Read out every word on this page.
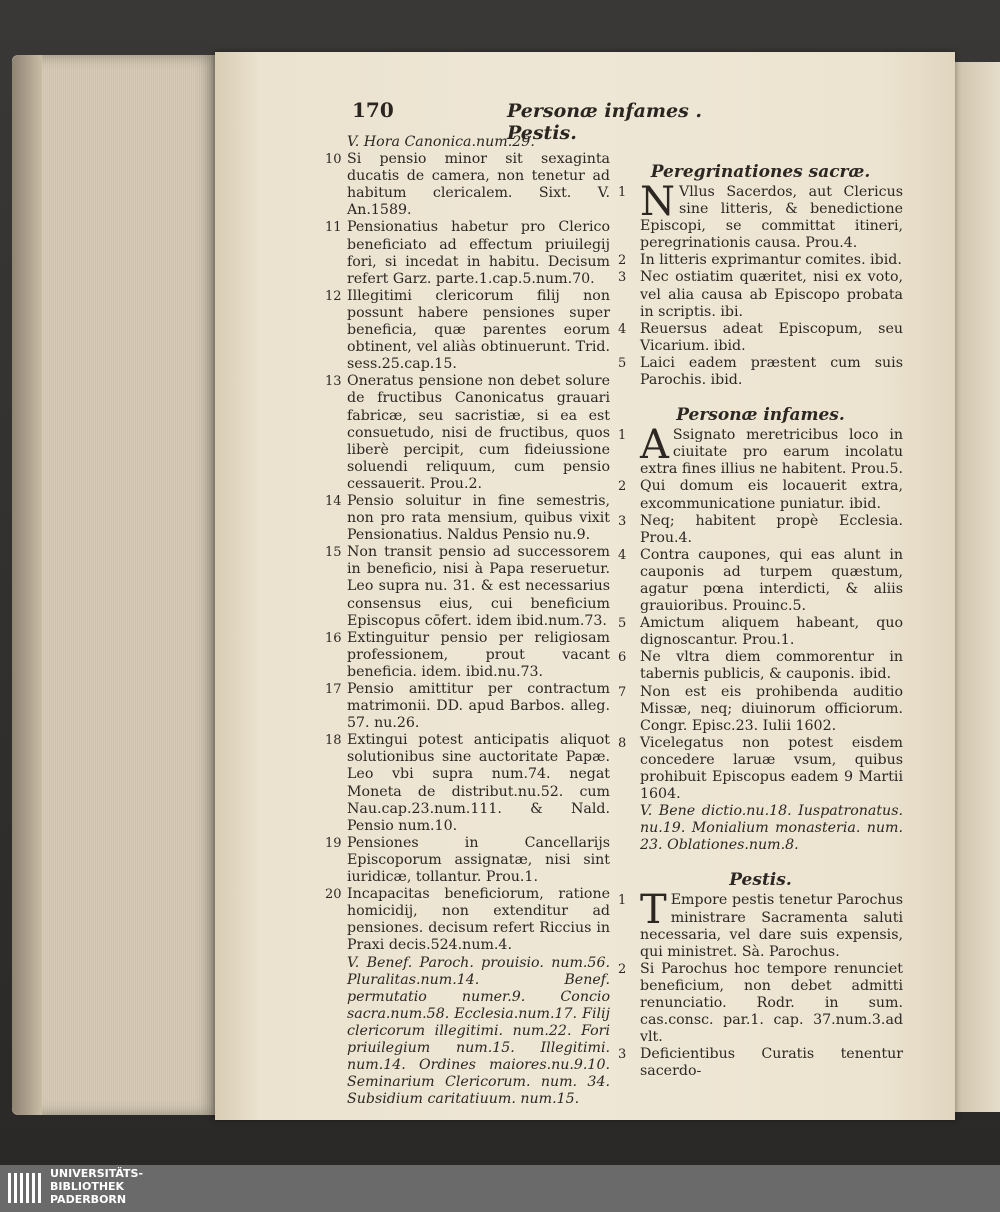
170	Personæ infames . Pestis.
V. Hora Canonica.num.29.
10 Si pensio minor sit sexaginta ducatis de camera, non tenetur ad habitum clericalem. Sixt. V. An.1589.
11 Pensionatius habetur pro Clerico beneficiato ad effectum priuilegij fori, si incedat in habitu. Decisum refert Garz. parte.1.cap.5.num.70.
12 Illegitimi clericorum filij non possunt habere pensiones super beneficia, quæ parentes eorum obtinent, vel aliàs obtinuerunt. Trid. sess.25.cap.15.
13 Oneratus pensione non debet solure de fructibus Canonicatus grauari fabricæ, seu sacristiæ, si ea est consuetudo, nisi de fructibus, quos liberè percipit, cum fideiussione soluendi reliquum, cum pensio cessauerit. Prou.2.
14 Pensio soluitur in fine semestris, non pro rata mensium, quibus vixit Pensionatius. Naldus Pensio nu.9.
15 Non transit pensio ad successorem in beneficio, nisi à Papa reseruetur. Leo supra nu. 31. & est necessarius consensus eius, cui beneficium Episcopus cōfert. idem ibid.num.73.
16 Extinguitur pensio per religiosam professionem, prout vacant beneficia. idem. ibid.nu.73.
17 Pensio amittitur per contractum matrimonii. DD. apud Barbos. alleg. 57. nu.26.
18 Extingui potest anticipatis aliquot solutionibus sine auctoritate Papæ. Leo vbi supra num.74. negat Moneta de distribut.nu.52. cum Nau.cap.23.num.111. & Nald. Pensio num.10.
19 Pensiones in Cancellarijs Episcoporum assignatæ, nisi sint iuridicæ, tollantur. Prou.1.
20 Incapacitas beneficiorum, ratione homicidij, non extenditur ad pensiones. decisum refert Riccius in Praxi decis.524.num.4.
V. Benef. Paroch. prouisio. num.56. Pluralitas.num.14. Benef. permutatio numer.9. Concio sacra.num.58. Ecclesia.num.17. Filij clericorum illegitimi. num.22. Fori priuilegium num.15. Illegitimi. num.14. Ordines maiores.nu.9.10. Seminarium Clericorum. num. 34. Subsidium caritatiuum. num.15.
Peregrinationes sacræ.
1 N Vllus Sacerdos, aut Clericus sine litteris, & benedictione Episcopi, se committat itineri, peregrinationis causa. Prou.4.
2 In litteris exprimantur comites. ibid.
3 Nec ostiatim quæritet, nisi ex voto, vel alia causa ab Episcopo probata in scriptis. ibi.
4 Reuersus adeat Episcopum, seu Vicarium. ibid.
5 Laici eadem præstent cum suis Parochis. ibid.
Personæ infames.
1 A Ssignato meretricibus loco in ciuitate pro earum incolatu extra fines illius ne habitent. Prou.5.
2 Qui domum eis locauerit extra, excommunicatione puniatur. ibid.
3 Neq; habitent propè Ecclesia. Prou.4.
4 Contra caupones, qui eas alunt in cauponis ad turpem quæstum, agatur pœna interdicti, & aliis grauioribus. Prouinc.5.
5 Amictum aliquem habeant, quo dignoscantur. Prou.1.
6 Ne vltra diem commorentur in tabernis publicis, & cauponis. ibid.
7 Non est eis prohibenda auditio Missæ, neq; diuinorum officiorum. Congr. Episc.23. Iulii 1602.
8 Vicelegatus non potest eisdem concedere laruæ vsum, quibus prohibuit Episcopus eadem 9 Martii 1604.
V. Bene dictio.nu.18. Iuspatronatus. nu.19. Monialium monasteria. num. 23. Oblationes.num.8.
Pestis.
1 T Empore pestis tenetur Parochus ministrare Sacramenta saluti necessaria, vel dare suis expensis, qui ministret. Sà. Parochus.
2 Si Parochus hoc tempore renunciet beneficium, non debet admitti renunciatio. Rodr. in sum. cas.consc. par.1. cap. 37.num.3.ad vlt.
3 Deficientibus Curatis tenentur sacerdo-
UNIVERSITÄTS-
BIBLIOTHEK
PADERBORN
